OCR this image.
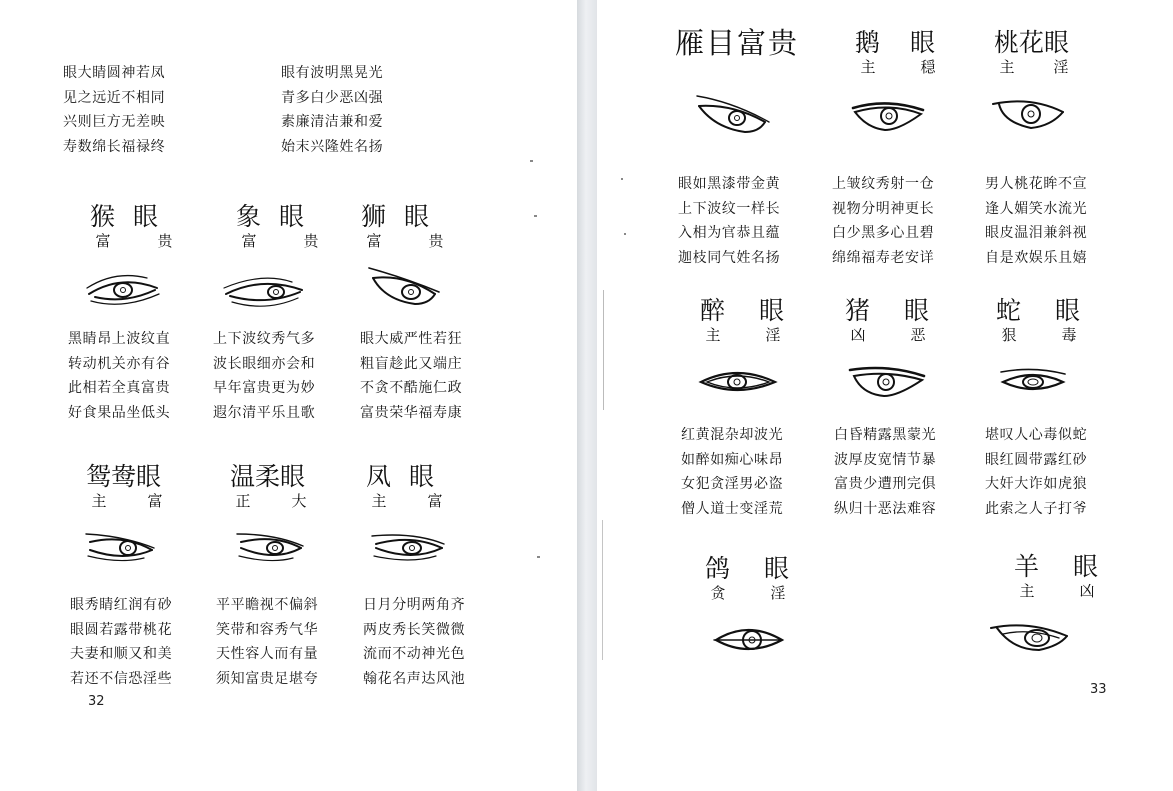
眼大睛圆神若凤
见之远近不相同
兴则巨方无差映
寿数绵长福禄终
眼有波明黑晃光
青多白少恶凶强
素廉清洁兼和爱
始末兴隆姓名扬
猴眼
富	贵
象眼
富	贵
狮眼
富	贵
黑睛昂上波纹直
转动机关亦有谷
此相若全真富贵
好食果品坐低头
上下波纹秀气多
波长眼细亦会和
早年富贵更为妙
遐尔清平乐且歌
眼大威严性若狂
粗盲趁此又端庄
不贪不酷施仁政
富贵荣华福寿康
鸳鸯眼
主	富
温柔眼
正	大
凤眼
主	富
眼秀睛红润有砂
眼圆若露带桃花
夫妻和顺又和美
若还不信恐淫些
平平瞻视不偏斜
笑带和容秀气华
天性容人而有量
须知富贵足堪夸
日月分明两角齐
两皮秀长笑微微
流而不动神光色
翰花名声达风池
32
雁目富贵 鹅眼
主	穏
桃花眼
主	淫
眼如黑漆带金黄
上下波纹一样长
入相为官恭且蕴
迦枝同气姓名扬
上皱纹秀射一仓
视物分明神更长
白少黑多心且碧
绵绵福寿老安详
男人桃花眸不宣
逢人媚笑水流光
眼皮温泪兼斜视
自是欢娱乐且嬉
醉眼
主	淫
猪眼
凶	恶
蛇眼
狠	毒
红黄混杂却波光
如醉如痴心味昂
女犯贪淫男必盗
僧人道士变淫荒
白昏精露黑蒙光
波厚皮宽情节暴
富贵少遭刑完俱
纵归十恶法难容
堪叹人心毒似蛇
眼红圆带露红砂
大奸大诈如虎狼
此索之人子打爷
鸽眼
贪	淫
羊眼
主	凶
33
